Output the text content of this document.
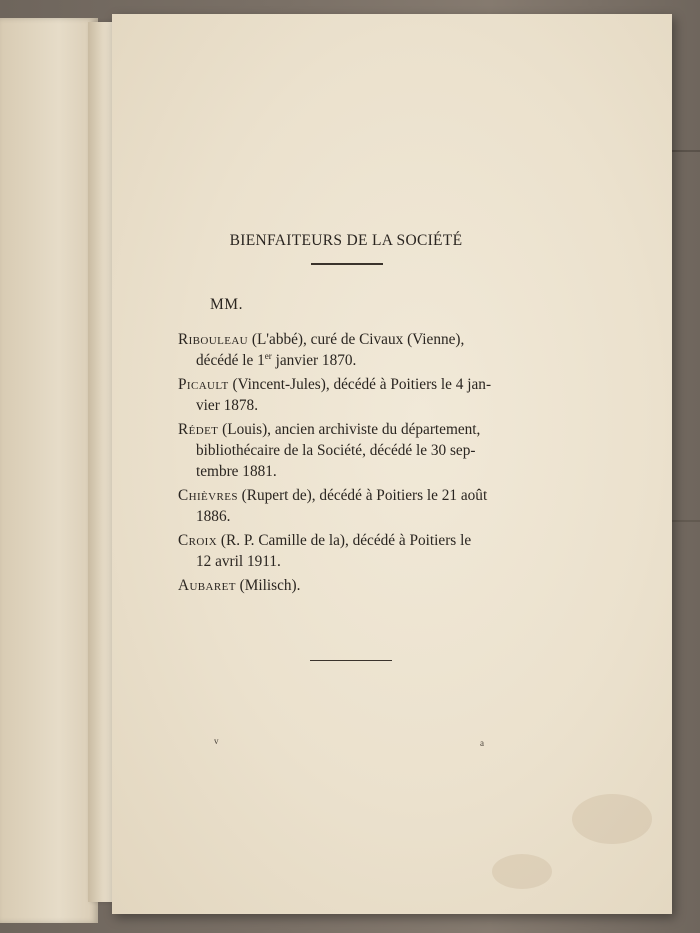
BIENFAITEURS DE LA SOCIÉTÉ
MM.
Ribouleau (L'abbé), curé de Civaux (Vienne),
décédé le 1er janvier 1870.
Picault (Vincent-Jules), décédé à Poitiers le 4 jan-
vier 1878.
Rédet (Louis), ancien archiviste du département,
bibliothécaire de la Société, décédé le 30 sep-
tembre 1881.
Chièvres (Rupert de), décédé à Poitiers le 21 août
1886.
Croix (R. P. Camille de la), décédé à Poitiers le
12 avril 1911.
Aubaret (Milisch).
v	a
